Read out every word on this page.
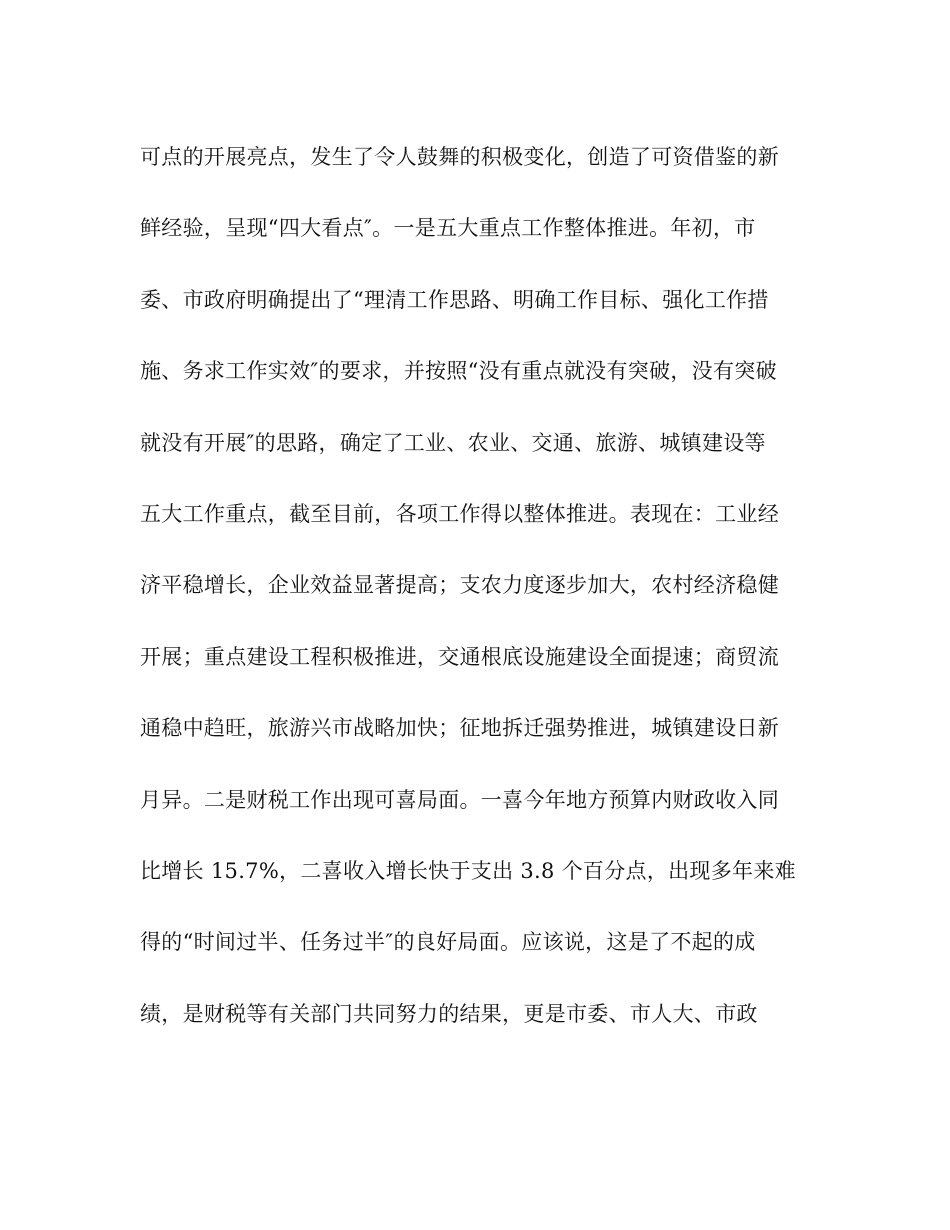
可点的开展亮点，发生了令人鼓舞的积极变化，创造了可资借鉴的新
鲜经验，呈现“四大看点″。一是五大重点工作整体推进。年初，市
委、市政府明确提出了“理清工作思路、明确工作目标、强化工作措
施、务求工作实效″的要求，并按照“没有重点就没有突破，没有突破
就没有开展″的思路，确定了工业、农业、交通、旅游、城镇建设等
五大工作重点，截至目前，各项工作得以整体推进。表现在：工业经
济平稳增长，企业效益显著提高；支农力度逐步加大，农村经济稳健
开展；重点建设工程积极推进，交通根底设施建设全面提速；商贸流
通稳中趋旺，旅游兴市战略加快；征地拆迁强势推进，城镇建设日新
月异。二是财税工作出现可喜局面。一喜今年地方预算内财政收入同
比增长 15.7%，二喜收入增长快于支出 3.8 个百分点，出现多年来难
得的“时间过半、任务过半″的良好局面。应该说，这是了不起的成
绩，是财税等有关部门共同努力的结果，更是市委、市人大、市政
